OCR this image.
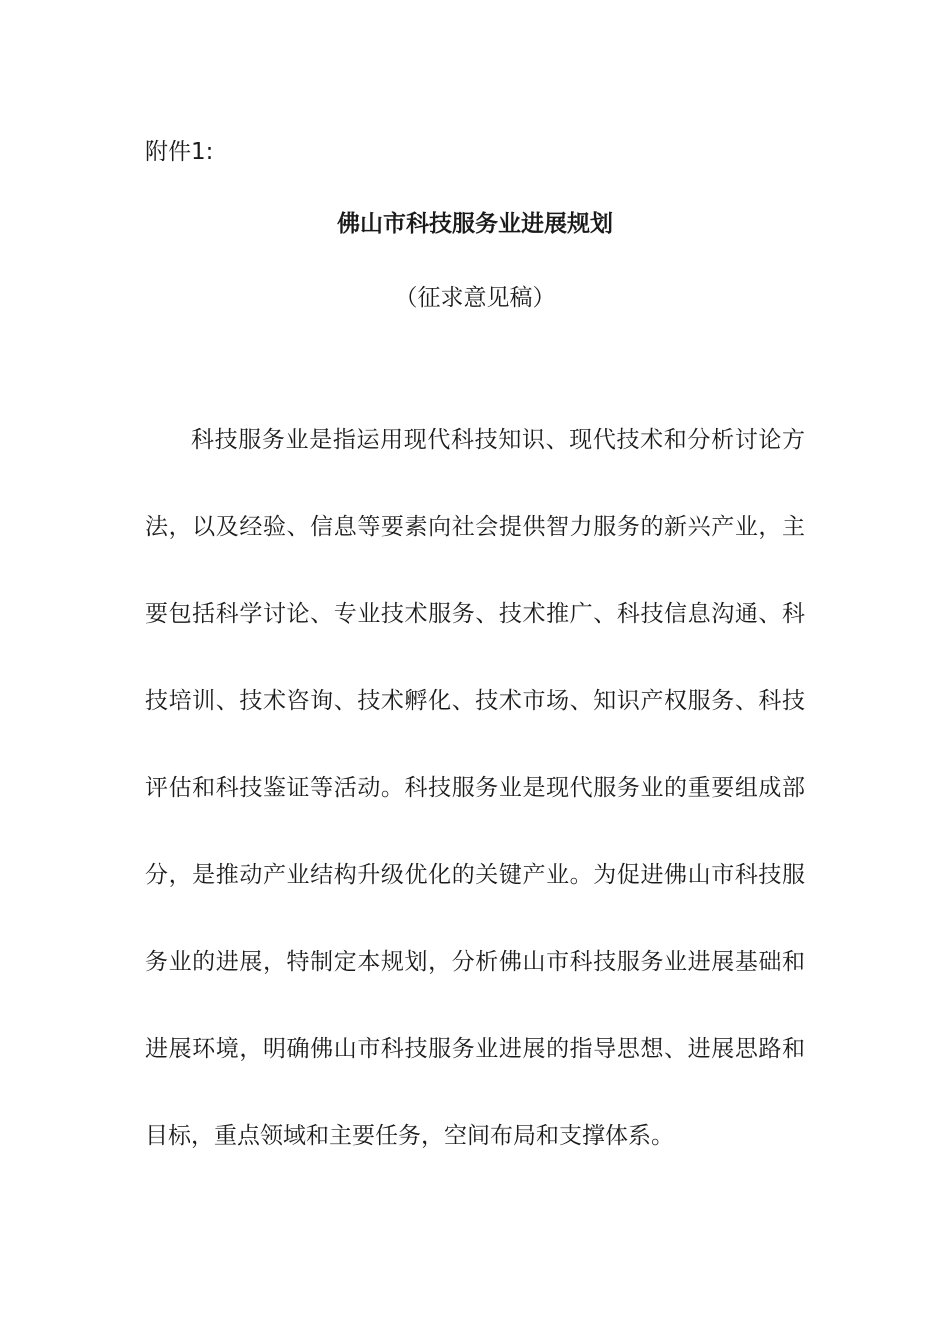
附件1:
佛山市科技服务业进展规划
（征求意见稿）
科技服务业是指运用现代科技知识、现代技术和分析讨论方
法，以及经验、信息等要素向社会提供智力服务的新兴产业，主
要包括科学讨论、专业技术服务、技术推广、科技信息沟通、科
技培训、技术咨询、技术孵化、技术市场、知识产权服务、科技
评估和科技鉴证等活动。科技服务业是现代服务业的重要组成部
分，是推动产业结构升级优化的关键产业。为促进佛山市科技服
务业的进展，特制定本规划，分析佛山市科技服务业进展基础和
进展环境，明确佛山市科技服务业进展的指导思想、进展思路和
目标，重点领域和主要任务，空间布局和支撑体系。
